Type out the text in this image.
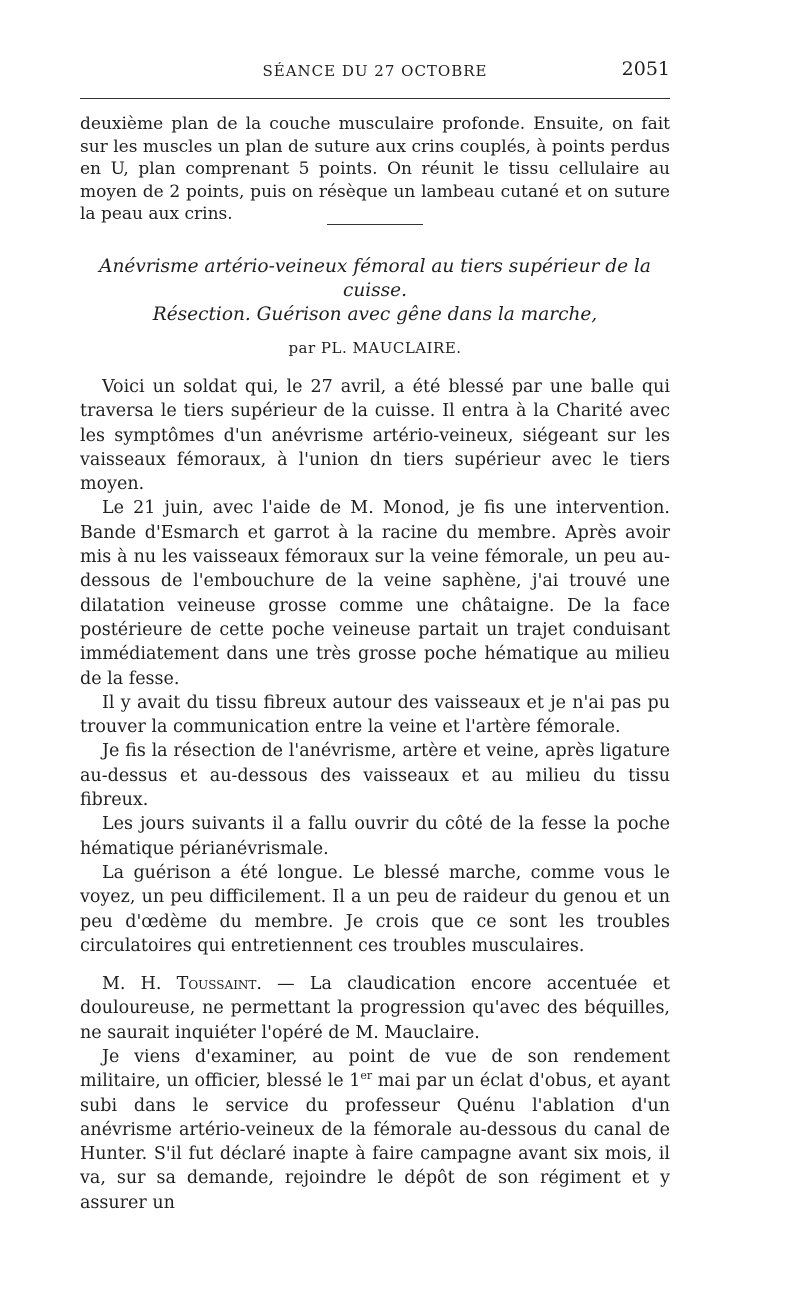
SÉANCE DU 27 OCTOBRE	2051

deuxième plan de la couche musculaire profonde. Ensuite, on fait sur les muscles un plan de suture aux crins couplés, à points perdus en U, plan comprenant 5 points. On réunit le tissu cellulaire au moyen de 2 points, puis on résèque un lambeau cutané et on suture la peau aux crins.

Anévrisme artério-veineux fémoral au tiers supérieur de la cuisse.

Résection. Guérison avec gêne dans la marche,

par PL. MAUCLAIRE.

Voici un soldat qui, le 27 avril, a été blessé par une balle qui traversa le tiers supérieur de la cuisse. Il entra à la Charité avec les symptômes d'un anévrisme artério-veineux, siégeant sur les vaisseaux fémoraux, à l'union dn tiers supérieur avec le tiers moyen.

Le 21 juin, avec l'aide de M. Monod, je fis une intervention. Bande d'Esmarch et garrot à la racine du membre. Après avoir mis à nu les vaisseaux fémoraux sur la veine fémorale, un peu au-dessous de l'embouchure de la veine saphène, j'ai trouvé une dilatation veineuse grosse comme une châtaigne. De la face postérieure de cette poche veineuse partait un trajet conduisant immédiatement dans une très grosse poche hématique au milieu de la fesse.

Il y avait du tissu fibreux autour des vaisseaux et je n'ai pas pu trouver la communication entre la veine et l'artère fémorale.

Je fis la résection de l'anévrisme, artère et veine, après ligature au-dessus et au-dessous des vaisseaux et au milieu du tissu fibreux.

Les jours suivants il a fallu ouvrir du côté de la fesse la poche hématique périanévrismale.

La guérison a été longue. Le blessé marche, comme vous le voyez, un peu difficilement. Il a un peu de raideur du genou et un peu d'œdème du membre. Je crois que ce sont les troubles circulatoires qui entretiennent ces troubles musculaires.

M. H. Toussaint. — La claudication encore accentuée et douloureuse, ne permettant la progression qu'avec des béquilles, ne saurait inquiéter l'opéré de M. Mauclaire.

Je viens d'examiner, au point de vue de son rendement militaire, un officier, blessé le 1er mai par un éclat d'obus, et ayant subi dans le service du professeur Quénu l'ablation d'un anévrisme artério-veineux de la fémorale au-dessous du canal de Hunter. S'il fut déclaré inapte à faire campagne avant six mois, il va, sur sa demande, rejoindre le dépôt de son régiment et y assurer un
